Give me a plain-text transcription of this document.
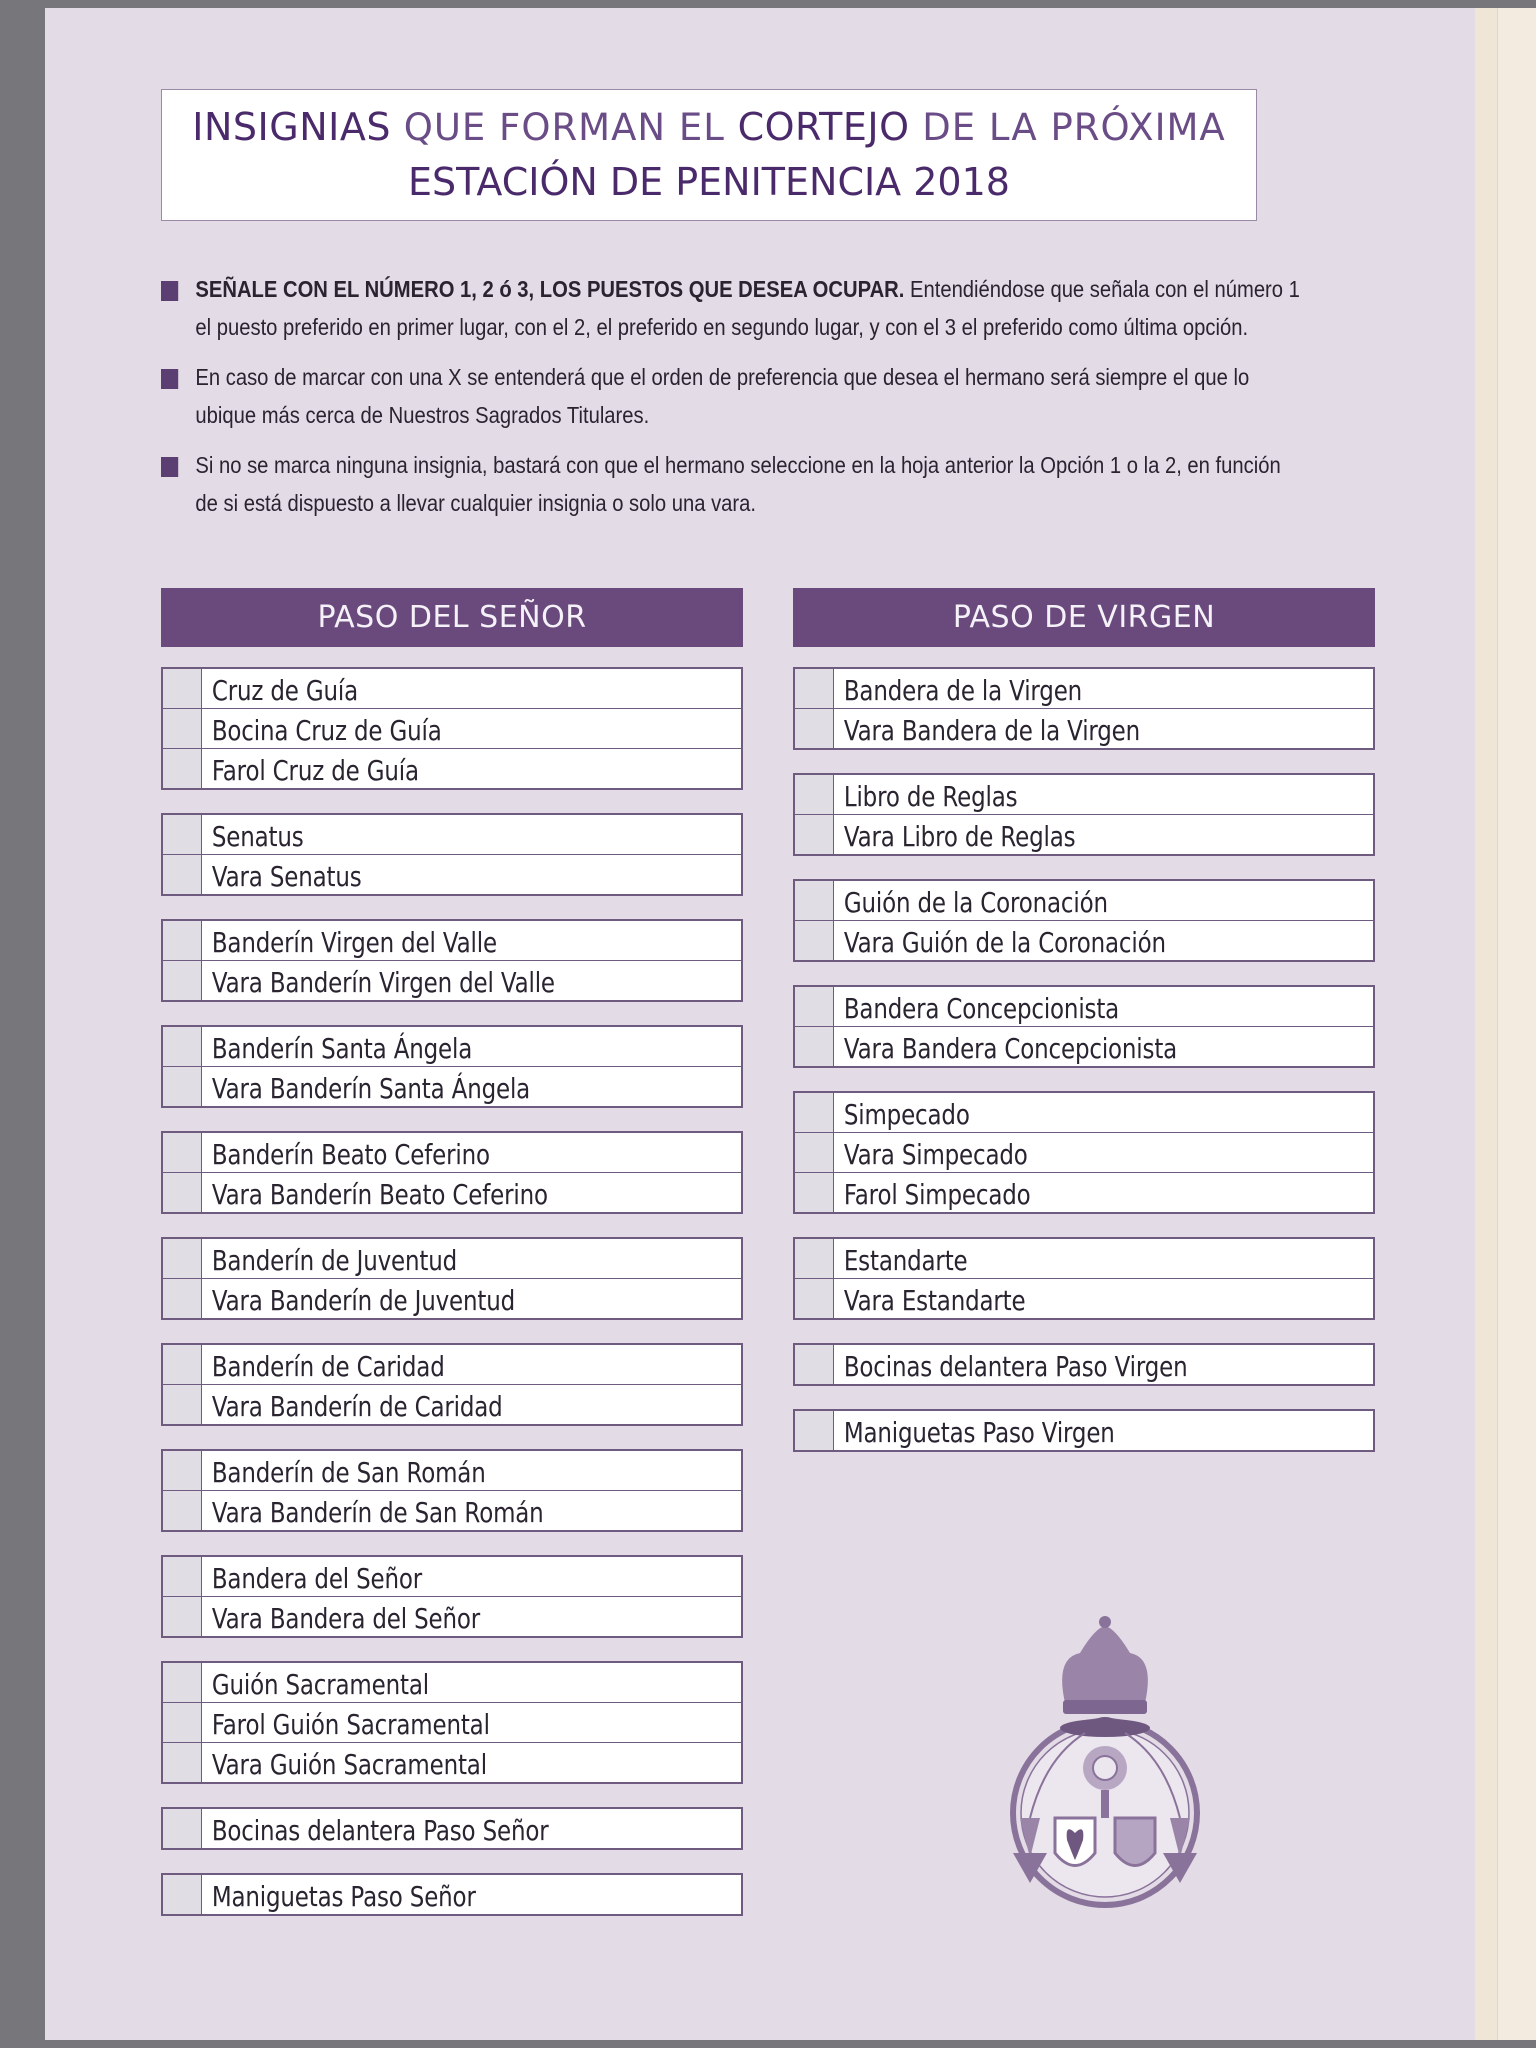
INSIGNIAS QUE FORMAN EL CORTEJO DE LA PRÓXIMA
ESTACIÓN DE PENITENCIA 2018
SEÑALE CON EL NÚMERO 1, 2 ó 3, LOS PUESTOS QUE DESEA OCUPAR. Entendiéndose que señala con el número 1 el puesto preferido en primer lugar, con el 2, el preferido en segundo lugar, y con el 3 el preferido como última opción.
En caso de marcar con una X se entenderá que el orden de preferencia que desea el hermano será siempre el que lo ubique más cerca de Nuestros Sagrados Titulares.
Si no se marca ninguna insignia, bastará con que el hermano seleccione en la hoja anterior la Opción 1 o la 2, en función de si está dispuesto a llevar cualquier insignia o solo una vara.
PASO DEL SEÑOR
Cruz de Guía
Bocina Cruz de Guía
Farol Cruz de Guía
Senatus
Vara Senatus
Banderín Virgen del Valle
Vara Banderín Virgen del Valle
Banderín Santa Ángela
Vara Banderín Santa Ángela
Banderín Beato Ceferino
Vara Banderín Beato Ceferino
Banderín de Juventud
Vara Banderín de Juventud
Banderín de Caridad
Vara Banderín de Caridad
Banderín de San Román
Vara Banderín de San Román
Bandera del Señor
Vara Bandera del Señor
Guión Sacramental
Farol Guión Sacramental
Vara Guión Sacramental
Bocinas delantera Paso Señor
Maniguetas Paso Señor
PASO DE VIRGEN
Bandera de la Virgen
Vara Bandera de la Virgen
Libro de Reglas
Vara Libro de Reglas
Guión de la Coronación
Vara Guión de la Coronación
Bandera Concepcionista
Vara Bandera Concepcionista
Simpecado
Vara Simpecado
Farol Simpecado
Estandarte
Vara Estandarte
Bocinas delantera Paso Virgen
Maniguetas Paso Virgen
